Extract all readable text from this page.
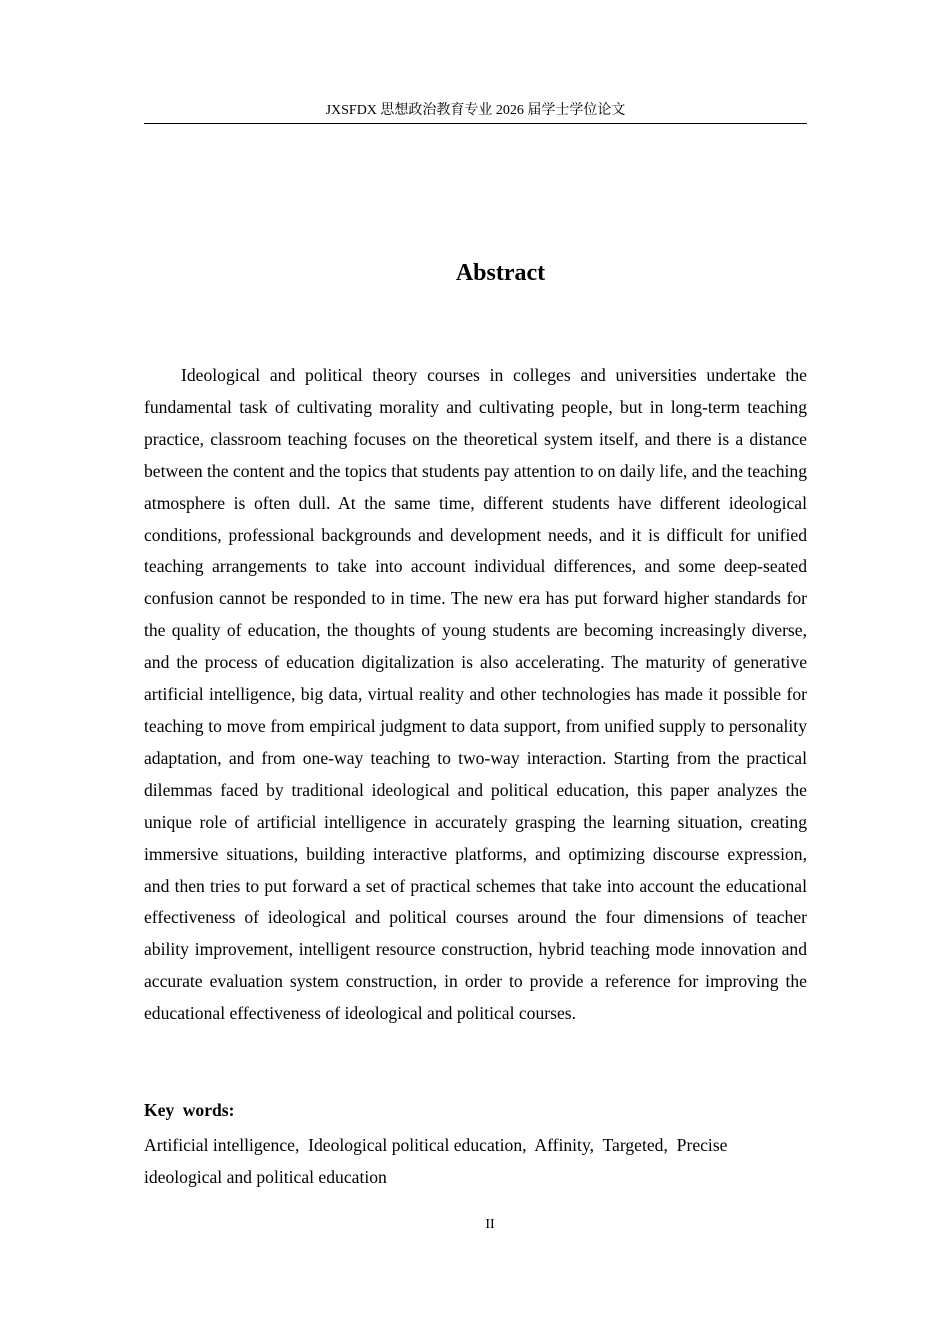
JXSFDX 思想政治教育专业 2026 届学士学位论文
Abstract

Ideological and political theory courses in colleges and universities undertake the fundamental task of cultivating morality and cultivating people, but in long-term teaching practice, classroom teaching focuses on the theoretical system itself, and there is a distance between the content and the topics that students pay attention to on daily life, and the teaching atmosphere is often dull. At the same time, different students have different ideological conditions, professional backgrounds and development needs, and it is difficult for unified teaching arrangements to take into account individual differences, and some deep-seated confusion cannot be responded to in time. The new era has put forward higher standards for the quality of education, the thoughts of young students are becoming increasingly diverse, and the process of education digitalization is also accelerating. The maturity of generative artificial intelligence, big data, virtual reality and other technologies has made it possible for teaching to move from empirical judgment to data support, from unified supply to personality adaptation, and from one-way teaching to two-way interaction. Starting from the practical dilemmas faced by traditional ideological and political education, this paper analyzes the unique role of artificial intelligence in accurately grasping the learning situation, creating immersive situations, building interactive platforms, and optimizing discourse expression, and then tries to put forward a set of practical schemes that take into account the educational effectiveness of ideological and political courses around the four dimensions of teacher ability improvement, intelligent resource construction, hybrid teaching mode innovation and accurate evaluation system construction, in order to provide a reference for improving the educational effectiveness of ideological and political courses.

Key words:

Artificial intelligence,  Ideological political education,  Affinity,  Targeted,  Precise ideological and political education

II
